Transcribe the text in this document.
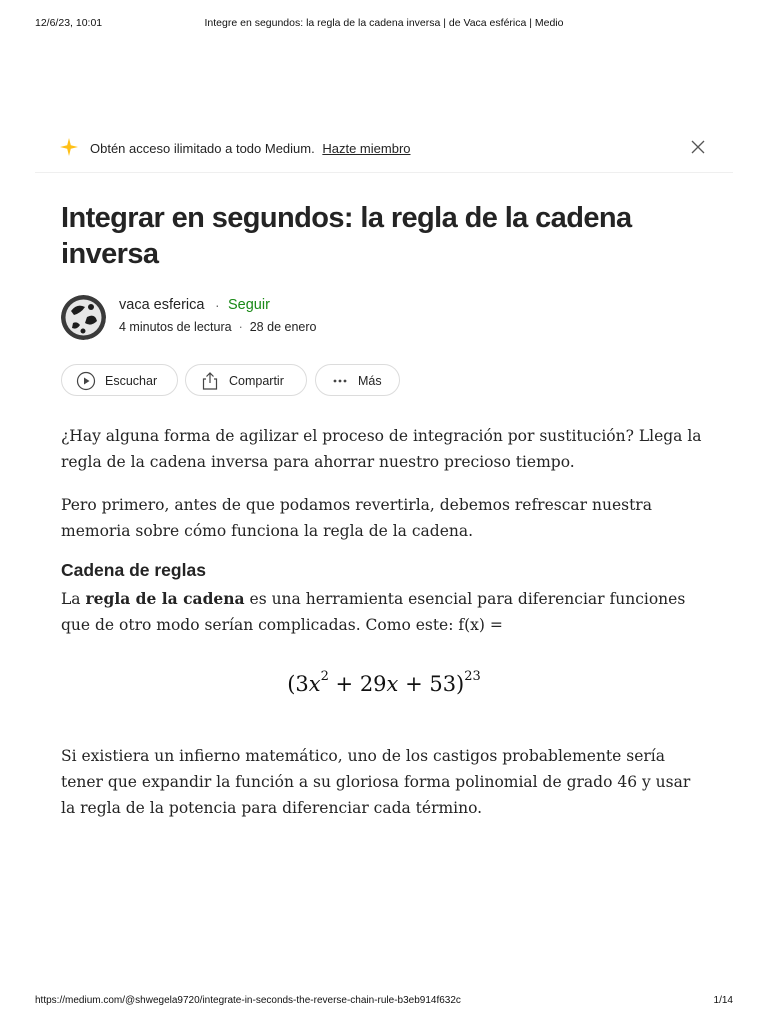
12/6/23, 10:01	Integre en segundos: la regla de la cadena inversa | de Vaca esférica | Medio
Obtén acceso ilimitado a todo Medium. Hazte miembro
Integrar en segundos: la regla de la cadena inversa
vaca esferica · Seguir
4 minutos de lectura · 28 de enero
Escuchar	Compartir	Más

¿Hay alguna forma de agilizar el proceso de integración por sustitución? Llega la regla de la cadena inversa para ahorrar nuestro precioso tiempo.

Pero primero, antes de que podamos revertirla, debemos refrescar nuestra memoria sobre cómo funciona la regla de la cadena.

Cadena de reglas

La regla de la cadena es una herramienta esencial para diferenciar funciones que de otro modo serían complicadas. Como este: f(x) =

$(3x^2 + 29x + 53)^{23}$

Si existiera un infierno matemático, uno de los castigos probablemente sería tener que expandir la función a su gloriosa forma polinomial de grado 46 y usar la regla de la potencia para diferenciar cada término.

https://medium.com/@shwegela9720/integrate-in-seconds-the-reverse-chain-rule-b3eb914f632c	1/14
